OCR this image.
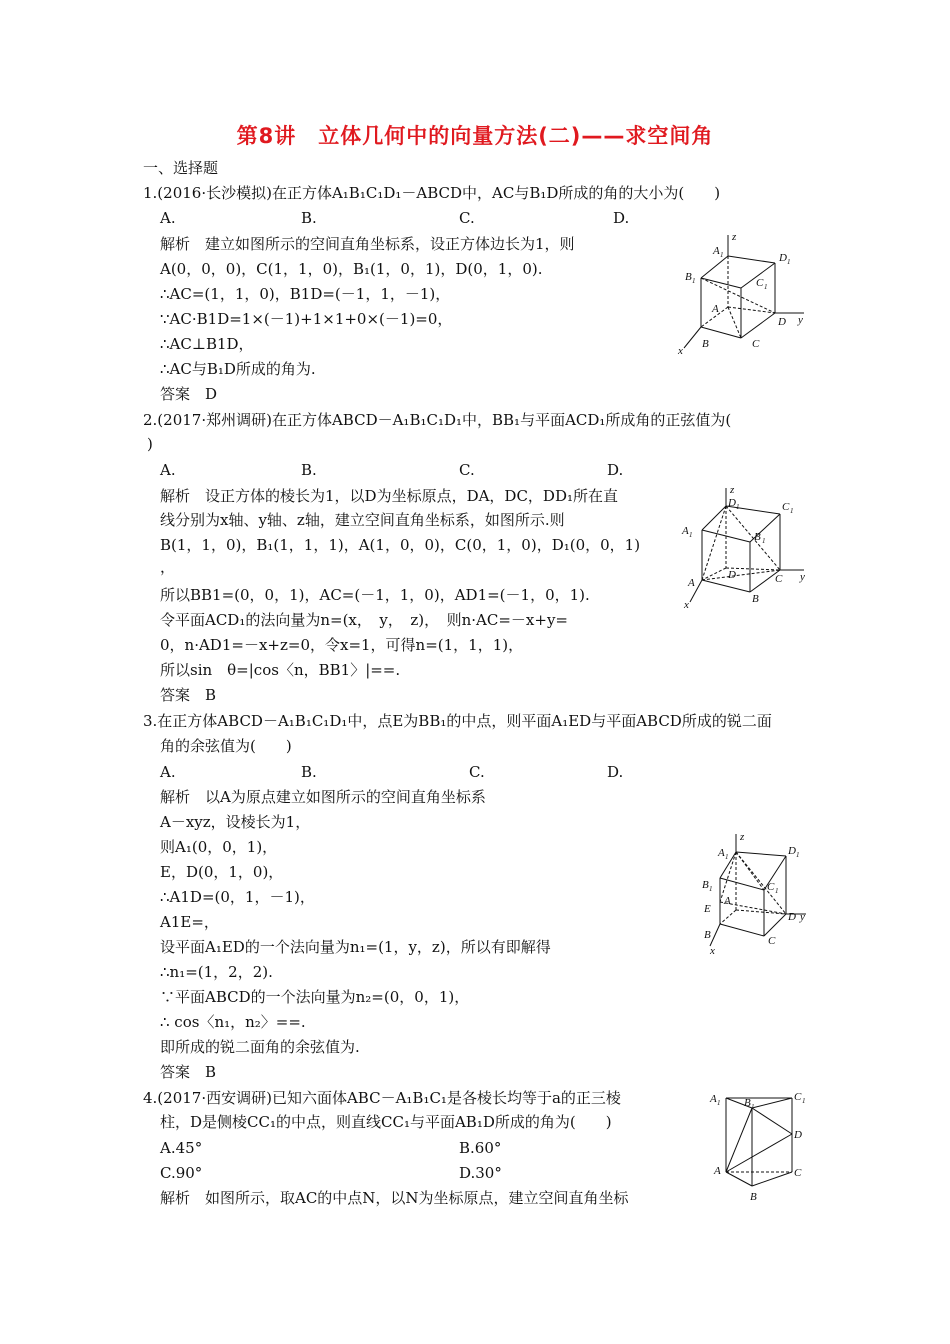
第8讲　立体几何中的向量方法(二)——求空间角
一、选择题
1.(2016·长沙模拟)在正方体A₁B₁C₁D₁－ABCD中，AC与B₁D所成的角的大小为(　　)
A.	B.	C.	D.
解析　建立如图所示的空间直角坐标系，设正方体边长为1，则
A(0，0，0)，C(1，1，0)，B₁(1，0，1)，D(0，1，0).
∴AC=(1，1，0)，B1D=(－1，1，－1)，
∵AC·B1D=1×(－1)+1×1+0×(－1)=0，
∴AC⊥B1D，
∴AC与B₁D所成的角为.
答案　D
z
A 1	D 1
B 1	C 1
A
D y
B	C
x
2.(2017·郑州调研)在正方体ABCD－A₁B₁C₁D₁中，BB₁与平面ACD₁所成角的正弦值为(
)
A.	B.	C.	D.
解析　设正方体的棱长为1，以D为坐标原点，DA，DC，DD₁所在直
线分别为x轴、y轴、z轴，建立空间直角坐标系，如图所示.则
B(1，1，0)，B₁(1，1，1)，A(1，0，0)，C(0，1，0)，D₁(0，0，1)
，
所以BB1=(0，0，1)，AC=(－1，1，0)，AD1=(－1，0，1).
令平面ACD₁的法向量为n=(x，　y，　z)，　则n·AC=－x+y=
0，n·AD1=－x+z=0，令x=1，可得n=(1，1，1)，
所以sin　θ=|cos〈n，BB1〉|==.
答案　B
z
D 1	C 1
A 1	B 1
D	C y
A
B
x
3.在正方体ABCD－A₁B₁C₁D₁中，点E为BB₁的中点，则平面A₁ED与平面ABCD所成的锐二面
角的余弦值为(　　)
A.	B.	C.	D.
解析　以A为原点建立如图所示的空间直角坐标系
A－xyz，设棱长为1，
则A₁(0，0，1)，
E，D(0，1，0)，
∴A1D=(0，1，－1)，
A1E=，
设平面A₁ED的一个法向量为n₁=(1，y，z)，所以有即解得
∴n₁=(1，2，2).
∵平面ABCD的一个法向量为n₂=(0，0，1)，
∴ cos〈n₁，n₂〉==.
即所成的锐二面角的余弦值为.
答案　B
z
A 1	D 1
B 1	C 1
A
E
D y
B	C
x
4.(2017·西安调研)已知六面体ABC－A₁B₁C₁是各棱长均等于a的正三棱
柱，D是侧棱CC₁的中点，则直线CC₁与平面AB₁D所成的角为(　　)
A.45°	B.60°
C.90°	D.30°
解析　如图所示，取AC的中点N，以N为坐标原点，建立空间直角坐标
A 1 B 1
C 1
D
A	C
B
